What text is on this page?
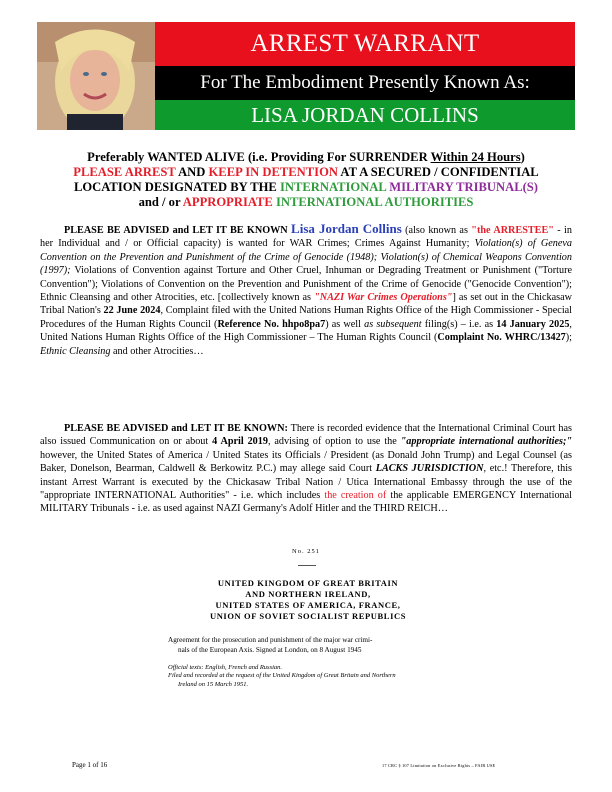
ARREST WARRANT
For The Embodiment Presently Known As:
LISA JORDAN COLLINS
Preferably WANTED ALIVE (i.e. Providing For SURRENDER Within 24 Hours)
PLEASE ARREST AND KEEP IN DETENTION AT A SECURED / CONFIDENTIAL
LOCATION DESIGNATED BY THE INTERNATIONAL MILITARY TRIBUNAL(S)
and / or APPROPRIATE INTERNATIONAL AUTHORITIES
PLEASE BE ADVISED and LET IT BE KNOWN Lisa Jordan Collins (also known as "the ARRESTEE" - in her Individual and / or Official capacity) is wanted for WAR Crimes; Crimes Against Humanity; Violation(s) of Geneva Convention on the Prevention and Punishment of the Crime of Genocide (1948); Violation(s) of Chemical Weapons Convention (1997); Violations of Convention against Torture and Other Cruel, Inhuman or Degrading Treatment or Punishment ("Torture Convention"); Violations of Convention on the Prevention and Punishment of the Crime of Genocide ("Genocide Convention"); Ethnic Cleansing and other Atrocities, etc. [collectively known as "NAZI War Crimes Operations"] as set out in the Chickasaw Tribal Nation's 22 June 2024, Complaint filed with the United Nations Human Rights Office of the High Commissioner - Special Procedures of the Human Rights Council (Reference No. hhpo8pa7) as well as subsequent filing(s) – i.e. as 14 January 2025, United Nations Human Rights Office of the High Commissioner – The Human Rights Council (Complaint No. WHRC/13427); Ethnic Cleansing and other Atrocities…
PLEASE BE ADVISED and LET IT BE KNOWN: There is recorded evidence that the International Criminal Court has also issued Communication on or about 4 April 2019, advising of option to use the "appropriate international authorities;" however, the United States of America / United States its Officials / President (as Donald John Trump) and Legal Counsel (as Baker, Donelson, Bearman, Caldwell & Berkowitz P.C.) may allege said Court LACKS JURISDICTION, etc.! Therefore, this instant Arrest Warrant is executed by the Chickasaw Tribal Nation / Utica International Embassy through the use of the "appropriate INTERNATIONAL Authorities" - i.e. which includes the creation of the applicable EMERGENCY International MILITARY Tribunals - i.e. as used against NAZI Germany's Adolf Hitler and the THIRD REICH…
No. 251
UNITED KINGDOM OF GREAT BRITAIN
AND NORTHERN IRELAND,
UNITED STATES OF AMERICA, FRANCE,
UNION OF SOVIET SOCIALIST REPUBLICS
Agreement for the prosecution and punishment of the major war crimi-
nals of the European Axis. Signed at London, on 8 August 1945
Official texts: English, French and Russian.
Filed and recorded at the request of the United Kingdom of Great Britain and Northern
Ireland on 15 March 1951.
Page 1 of 16	17 CRC § 107 Limitation on Exclusive Rights – FAIR USE
